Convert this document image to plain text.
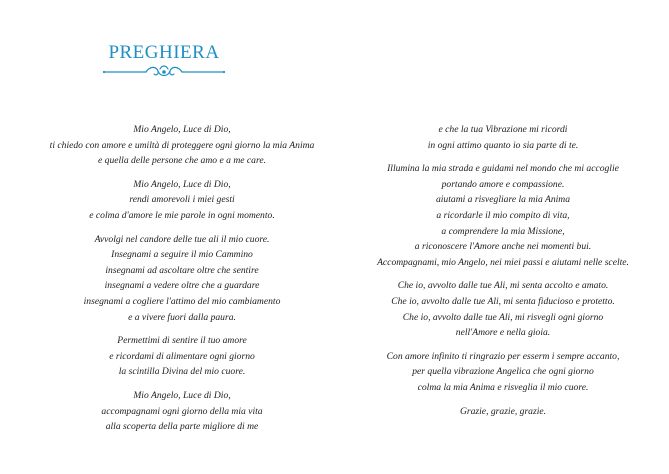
PREGHIERA

Mio Angelo, Luce di Dio,
ti chiedo con amore e umiltà di proteggere ogni giorno la mia Anima
e quella delle persone che amo e a me care.

Mio Angelo, Luce di Dio,
rendi amorevoli i miei gesti
e colma d'amore le mie parole in ogni momento.

Avvolgi nel candore delle tue ali il mio cuore.
Insegnami a seguire il mio Cammino
insegnami ad ascoltare oltre che sentire
insegnami a vedere oltre che a guardare
insegnami a cogliere l'attimo del mio cambiamento
e a vivere fuori dalla paura.

Permettimi di sentire il tuo amore
e ricordami di alimentare ogni giorno
la scintilla Divina del mio cuore.

Mio Angelo, Luce di Dio,
accompagnami ogni giorno della mia vita
alla scoperta della parte migliore di me

e che la tua Vibrazione mi ricordi
in ogni attimo quanto io sia parte di te.

Illumina la mia strada e guidami nel mondo che mi accoglie
portando amore e compassione.
aiutami a risvegliare la mia Anima
a ricordarle il mio compito di vita,
a comprendere la mia Missione,
a riconoscere l'Amore anche nei momenti bui.
Accompagnami, mio Angelo, nei miei passi e aiutami nelle scelte.

Che io, avvolto dalle tue Ali, mi senta accolto e amato.
Che io, avvolto dalle tue Ali, mi senta fiducioso e protetto.
Che io, avvolto dalle tue Ali, mi risvegli ogni giorno
nell'Amore e nella gioia.

Con amore infinito ti ringrazio per esserm i sempre accanto,
per quella vibrazione Angelica che ogni giorno
colma la mia Anima e risveglia il mio cuore.

Grazie, grazie, grazie.
